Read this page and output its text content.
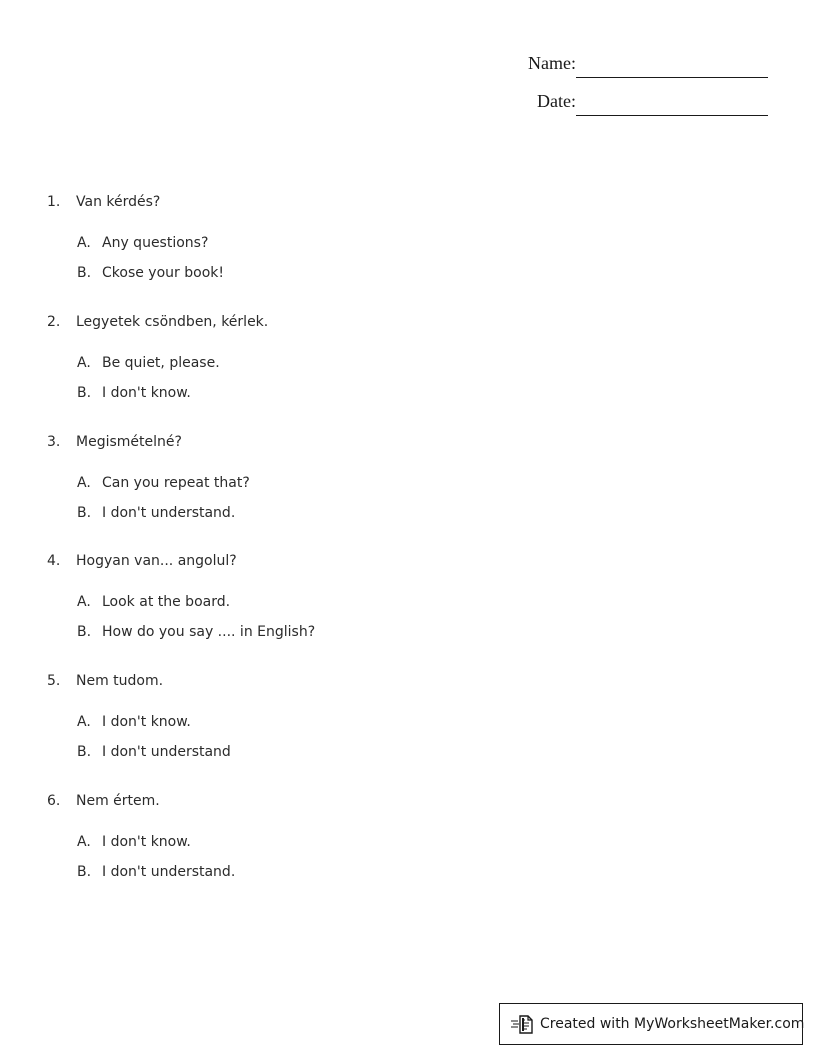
Name:
Date:
1. Van kérdés?
A. Any questions?
B. Ckose your book!
2. Legyetek csöndben, kérlek.
A. Be quiet, please.
B. I don't know.
3. Megismételné?
A. Can you repeat that?
B. I don't understand.
4. Hogyan van... angolul?
A. Look at the board.
B. How do you say .... in English?
5. Nem tudom.
A. I don't know.
B. I don't understand
6. Nem értem.
A. I don't know.
B. I don't understand.
Created with MyWorksheetMaker.com
